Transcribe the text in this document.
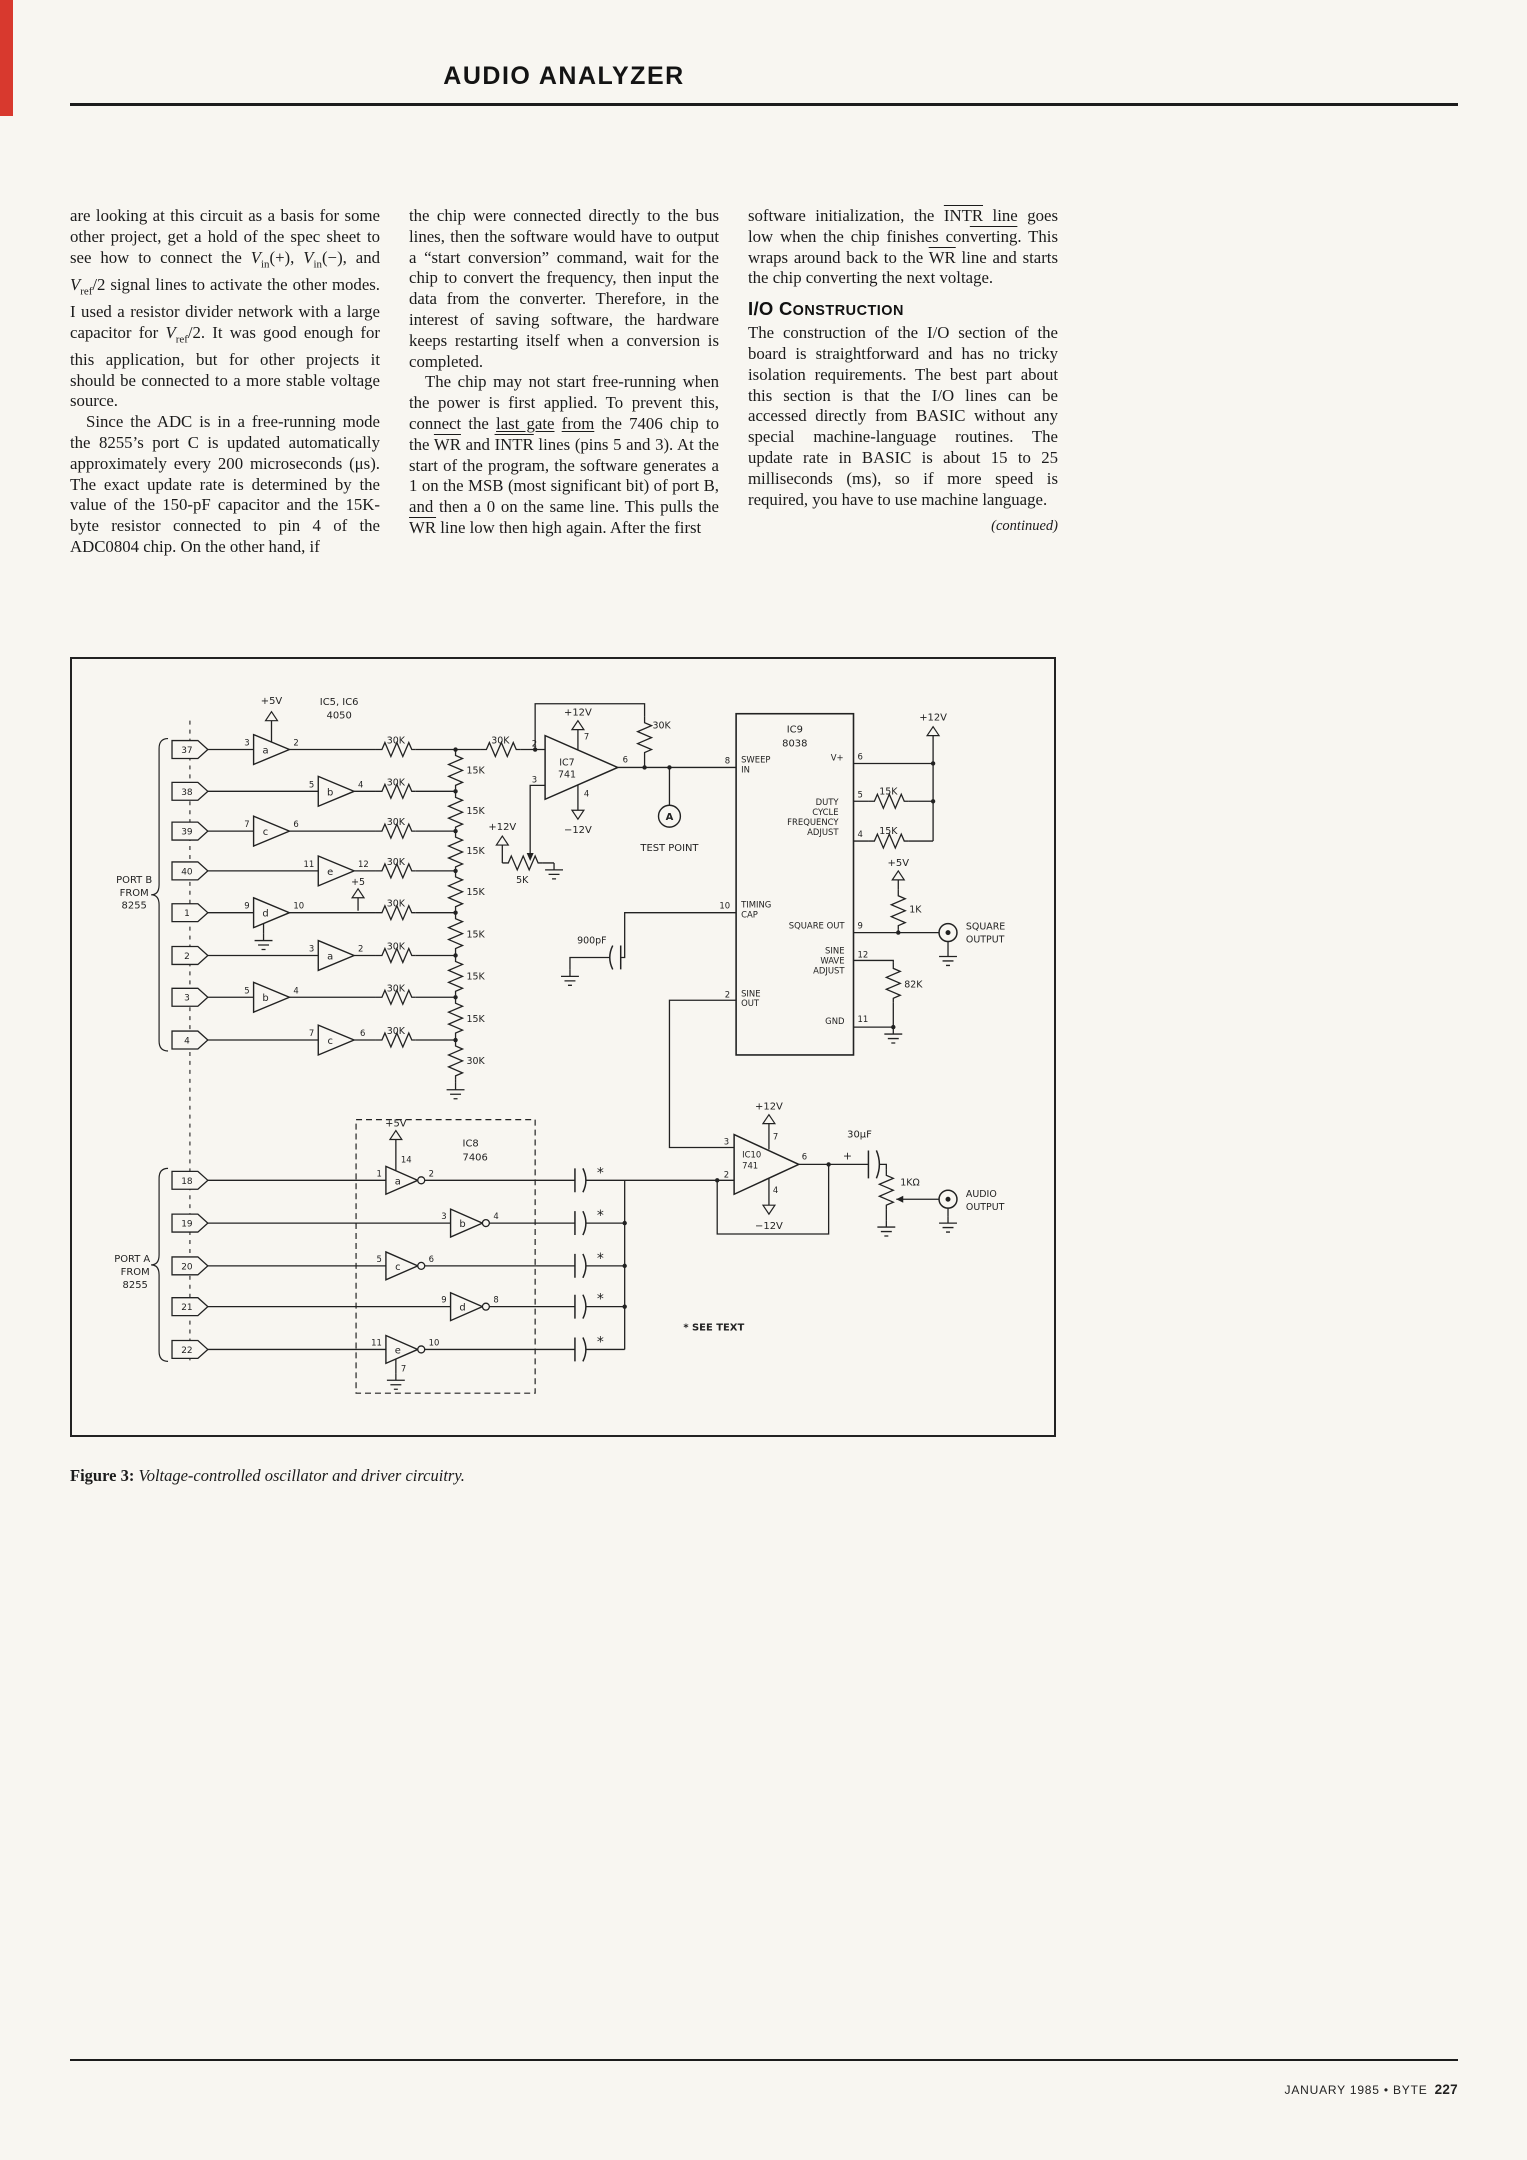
AUDIO ANALYZER

are looking at this circuit as a basis for some other project, get a hold of the spec sheet to see how to connect the $V_{in}(+)$, $V_{in}(-)$, and $V_{ref}/2$ signal lines to activate the other modes. I used a resistor divider network with a large capacitor for $V_{ref}/2$. It was good enough for this application, but for other projects it should be connected to a more stable voltage source.

Since the ADC is in a free-running mode the 8255’s port C is updated automatically approximately every 200 microseconds (μs). The exact update rate is determined by the value of the 150-pF capacitor and the 15K-byte resistor connected to pin 4 of the ADC0804 chip. On the other hand, if

the chip were connected directly to the bus lines, then the software would have to output a “start conversion” command, wait for the chip to convert the frequency, then input the data from the converter. Therefore, in the interest of saving software, the hardware keeps restarting itself when a conversion is completed.

The chip may not start free-running when the power is first applied. To prevent this, connect the last gate from the 7406 chip to the $\overline{WR}$ and INTR lines (pins 5 and 3). At the start of the program, the software generates a 1 on the MSB (most significant bit) of port B, and then a 0 on the same line. This pulls the $\overline{WR}$ line low then high again. After the first

software initialization, the INTR line goes low when the chip finishes converting. This wraps around back to the $\overline{WR}$ line and starts the chip converting the next voltage.

I/O CONSTRUCTION

The construction of the I/O section of the board is straightforward and has no tricky isolation requirements. The best part about this section is that the I/O lines can be accessed directly from BASIC without any special machine-language routines. The update rate in BASIC is about 15 to 25 milliseconds (ms), so if more speed is required, you have to use machine language.

(continued)
+5V	IC5, IC6
4050
37
38
39
40
1
2
3
4
18
19
20
21
22
PORT B
FROM
8255
PORT A
FROM
8255
a
b
c
e
d
a
b
c
3	2
5	4
7	6
11	12
9	10
3	2
5	4
7	6
+5
30K
30K
30K
30K
30K
30K
30K
30K
30K
30K
15K
15K
15K
15K
15K
15K
15K
30K
IC7
741
2
3
7
4
6
+12V
−12V
A
TEST POINT
+12V
5K
IC9
8038
SWEEP
IN
8	V+ 6
DUTY
CYCLE
FREQUENCY
ADJUST
5
4
15K
15K
+12V
TIMING
CAP
10
SQUARE OUT 9
SINE
WAVE
ADJUST
12
SINE
OUT
2
GND 11
900pF
+5V
1K
SQUARE
OUTPUT
82K
+12V
IC10
741
3
2
7
4
6
−12V
30μF
+
1KΩ
AUDIO
OUTPUT
+5V
14
IC8
7406
a
b
c
d
e
1	2
3	4
5	6
9	8
11	10
7
*
*
*
*
*
* SEE TEXT
Figure 3: Voltage-controlled oscillator and driver circuitry.
JANUARY 1985 • BYTE 227
